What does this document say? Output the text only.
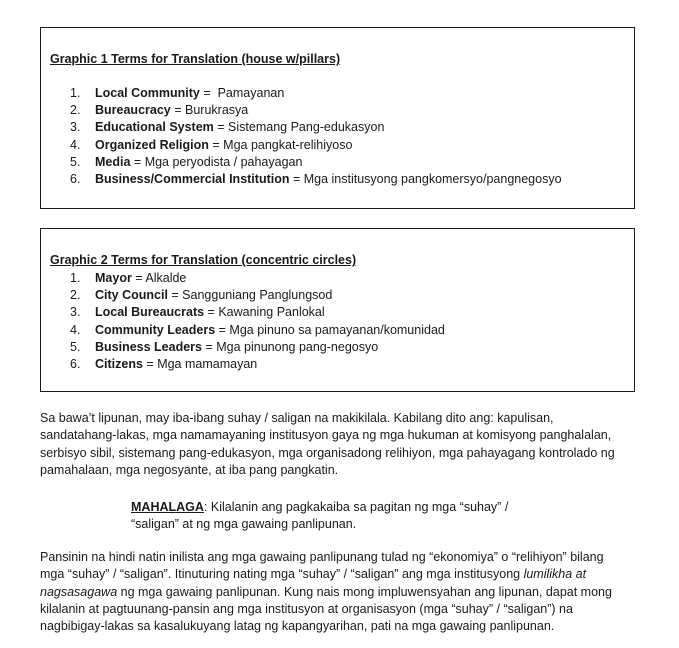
Graphic 1 Terms for Translation (house w/pillars)
1. Local Community =  Pamayanan
2. Bureaucracy = Burukrasya
3. Educational System = Sistemang Pang-edukasyon
4. Organized Religion = Mga pangkat-relihiyoso
5. Media = Mga peryodista / pahayagan
6. Business/Commercial Institution = Mga institusyong pangkomersyo/pangnegosyo
Graphic 2 Terms for Translation (concentric circles)
1. Mayor = Alkalde
2. City Council = Sangguniang Panglungsod
3. Local Bureaucrats = Kawaning Panlokal
4. Community Leaders = Mga pinuno sa pamayanan/komunidad
5. Business Leaders = Mga pinunong pang-negosyo
6. Citizens = Mga mamamayan

Sa bawa’t lipunan, may iba-ibang suhay / saligan na makikilala. Kabilang dito ang: kapulisan,
sandatahang-lakas, mga namamayaning institusyon gaya ng mga hukuman at komisyong panghalalan,
serbisyo sibil, sistemang pang-edukasyon, mga organisadong relihiyon, mga pahayagang kontrolado ng
pamahalaan, mga negosyante, at iba pang pangkatin.

MAHALAGA: Kilalanin ang pagkakaiba sa pagitan ng mga “suhay” /
“saligan” at ng mga gawaing panlipunan.

Pansinin na hindi natin inilista ang mga gawaing panlipunang tulad ng “ekonomiya” o “relihiyon” bilang
mga “suhay” / “saligan”. Itinuturing nating mga “suhay” / “saligan” ang mga institusyong lumilikha at
nagsasagawa ng mga gawaing panlipunan. Kung nais mong impluwensyahan ang lipunan, dapat mong
kilalanin at pagtuunang-pansin ang mga institusyon at organisasyon (mga “suhay” / “saligan”) na
nagbibigay-lakas sa kasalukuyang latag ng kapangyarihan, pati na mga gawaing panlipunan.
